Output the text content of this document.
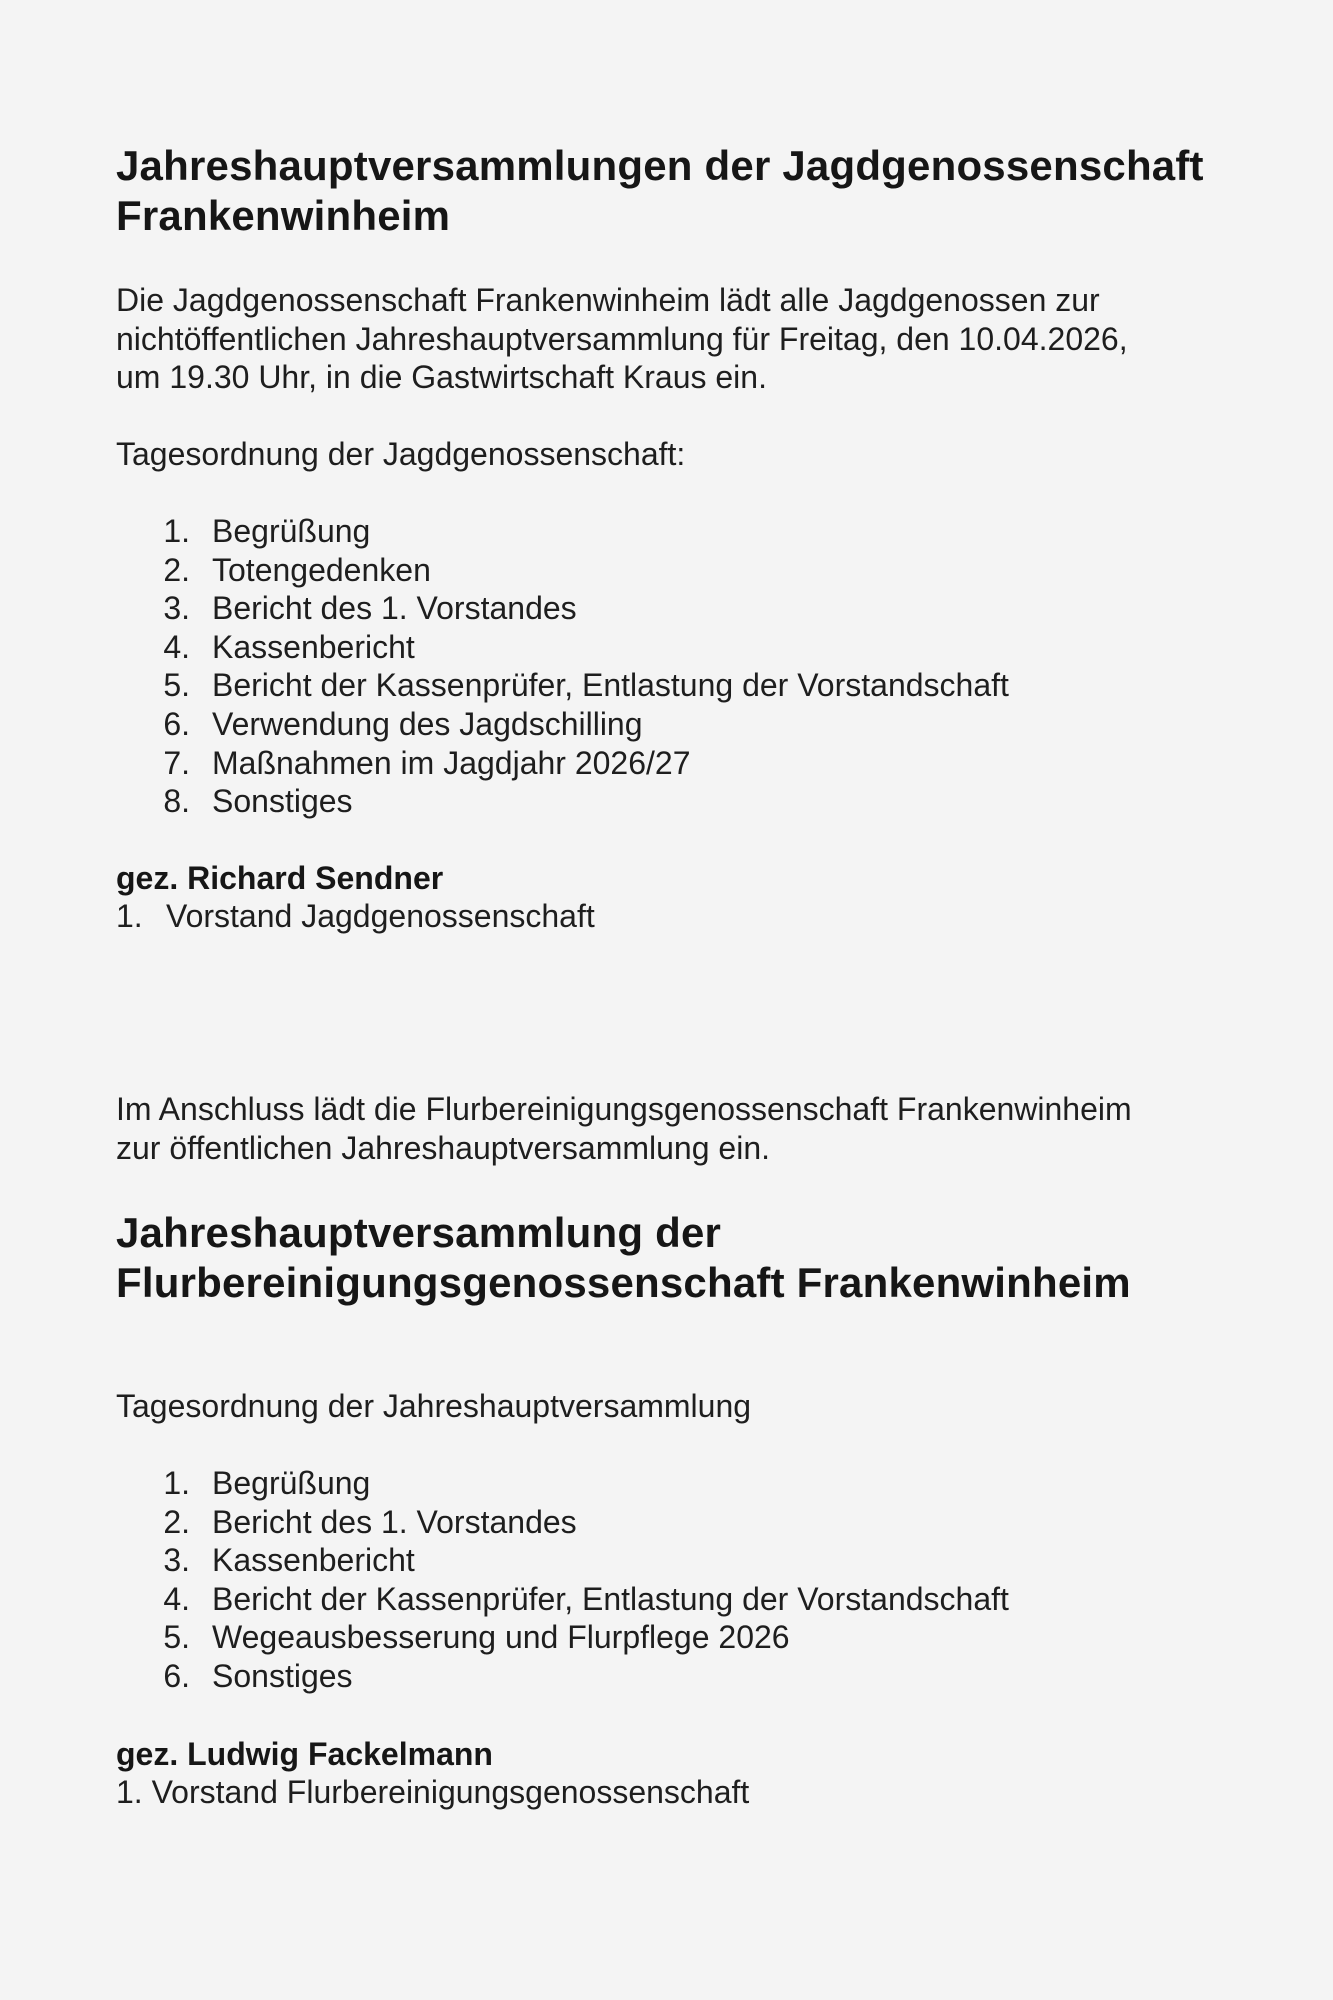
Jahreshauptversammlungen der Jagdgenossenschaft
Frankenwinheim
Die Jagdgenossenschaft Frankenwinheim lädt alle Jagdgenossen zur
nichtöffentlichen Jahreshauptversammlung für Freitag, den 10.04.2026,
um 19.30 Uhr, in die Gastwirtschaft Kraus ein.
Tagesordnung der Jagdgenossenschaft:
1. Begrüßung
2. Totengedenken
3. Bericht des 1. Vorstandes
4. Kassenbericht
5. Bericht der Kassenprüfer, Entlastung der Vorstandschaft
6. Verwendung des Jagdschilling
7. Maßnahmen im Jagdjahr 2026/27
8. Sonstiges
gez. Richard Sendner
1. Vorstand Jagdgenossenschaft
Im Anschluss lädt die Flurbereinigungsgenossenschaft Frankenwinheim
zur öffentlichen Jahreshauptversammlung ein.
Jahreshauptversammlung der
Flurbereinigungsgenossenschaft Frankenwinheim
Tagesordnung der Jahreshauptversammlung
1. Begrüßung
2. Bericht des 1. Vorstandes
3. Kassenbericht
4. Bericht der Kassenprüfer, Entlastung der Vorstandschaft
5. Wegeausbesserung und Flurpflege 2026
6. Sonstiges
gez. Ludwig Fackelmann
1. Vorstand Flurbereinigungsgenossenschaft
